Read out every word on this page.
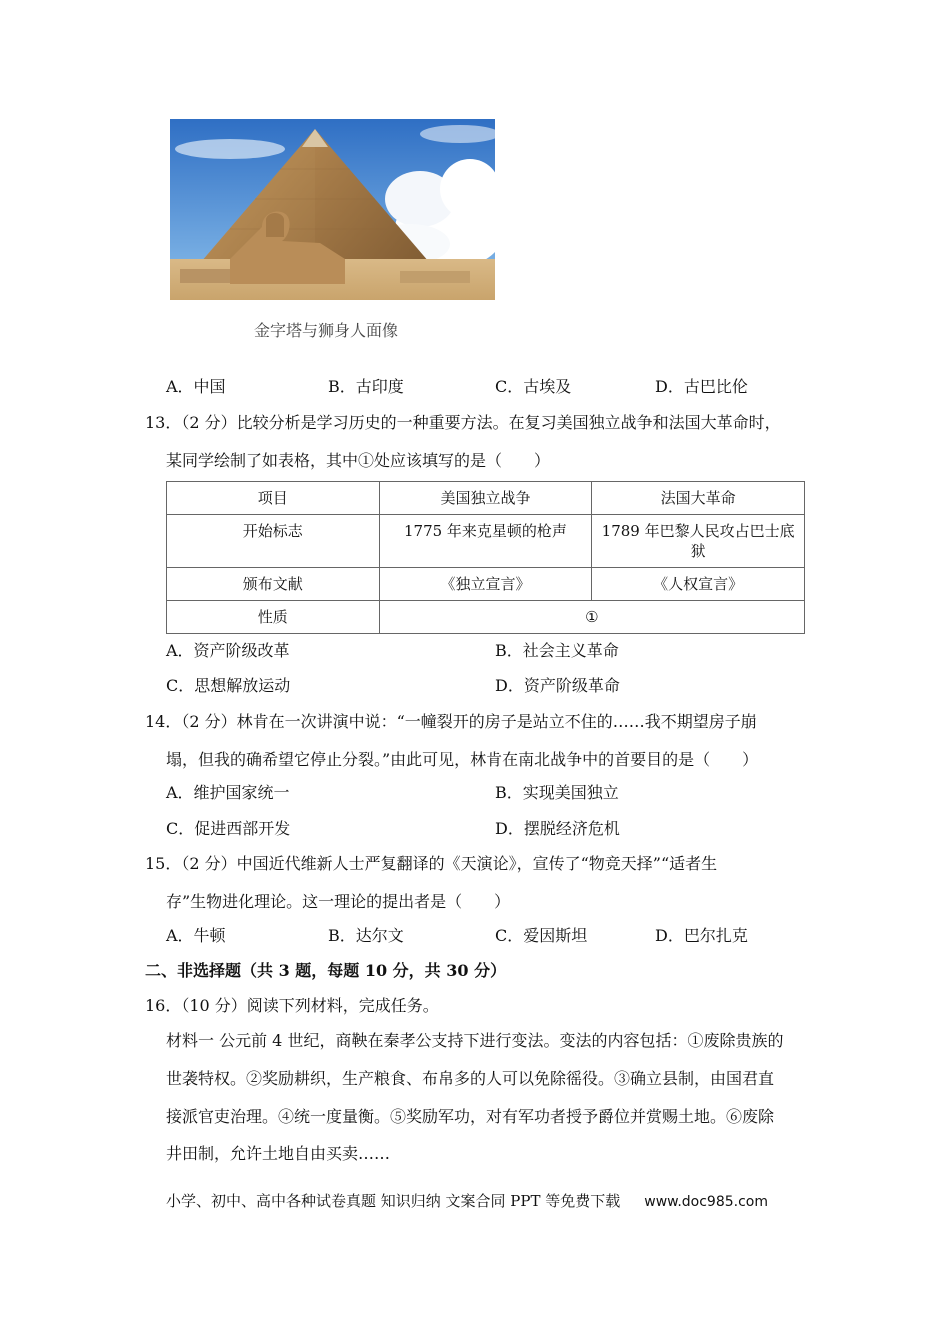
金字塔与狮身人面像
A．中国	B．古印度	C．古埃及	D．古巴比伦
13．（2 分）比较分析是学习历史的一种重要方法。在复习美国独立战争和法国大革命时，
某同学绘制了如表格，其中①处应该填写的是（　　）
项目	美国独立战争	法国大革命
开始标志	1775 年来克星顿的枪声	1789 年巴黎人民攻占巴士底狱
颁布文献	《独立宣言》	《人权宣言》
性质	①	
A．资产阶级改革	B．社会主义革命
C．思想解放运动	D．资产阶级革命
14．（2 分）林肯在一次讲演中说：“一幢裂开的房子是站立不住的……我不期望房子崩
塌，但我的确希望它停止分裂。”由此可见，林肯在南北战争中的首要目的是（　　）
A．维护国家统一	B．实现美国独立
C．促进西部开发	D．摆脱经济危机
15．（2 分）中国近代维新人士严复翻译的《天演论》，宣传了“物竞天择”“适者生
存”生物进化理论。这一理论的提出者是（　　）
A．牛顿	B．达尔文	C．爱因斯坦	D．巴尔扎克
二、非选择题（共 3 题，每题 10 分，共 30 分）
16．（10 分）阅读下列材料，完成任务。
材料一 公元前 4 世纪，商鞅在秦孝公支持下进行变法。变法的内容包括：①废除贵族的
世袭特权。②奖励耕织，生产粮食、布帛多的人可以免除徭役。③确立县制，由国君直
接派官吏治理。④统一度量衡。⑤奖励军功，对有军功者授予爵位并赏赐土地。⑥废除
井田制，允许土地自由买卖……
小学、初中、高中各种试卷真题 知识归纳 文案合同 PPT 等免费下载 www.doc985.com
